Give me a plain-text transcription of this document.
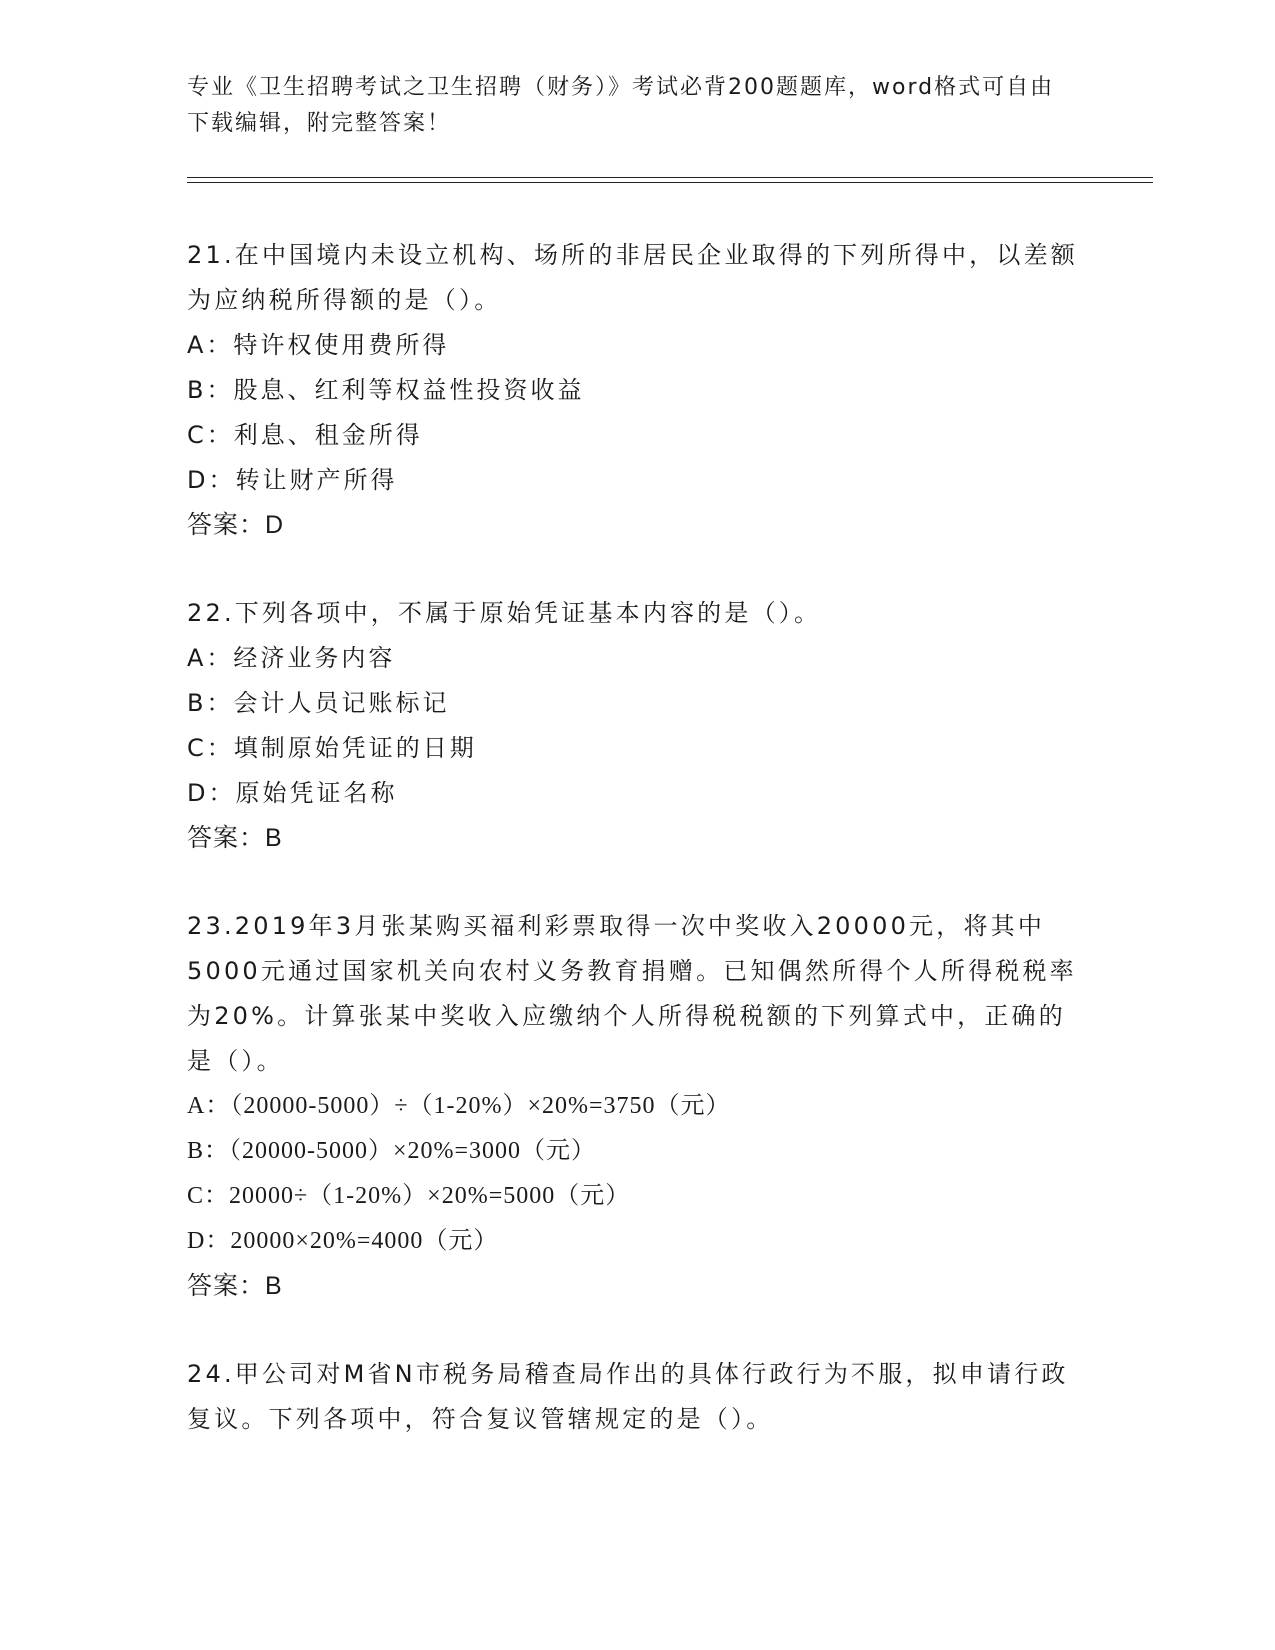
专业《卫生招聘考试之卫生招聘（财务）》考试必背200题题库，word格式可自由下载编辑，附完整答案！

21.在中国境内未设立机构、场所的非居民企业取得的下列所得中，以差额为应纳税所得额的是（）。

A：特许权使用费所得

B：股息、红利等权益性投资收益

C：利息、租金所得

D：转让财产所得

答案：D

22.下列各项中，不属于原始凭证基本内容的是（）。

A：经济业务内容

B：会计人员记账标记

C：填制原始凭证的日期

D：原始凭证名称

答案：B

23.2019年3月张某购买福利彩票取得一次中奖收入20000元，将其中5000元通过国家机关向农村义务教育捐赠。已知偶然所得个人所得税税率为20%。计算张某中奖收入应缴纳个人所得税税额的下列算式中，正确的是（）。

A：（20000-5000）÷（1-20%）×20%=3750（元）

B：（20000-5000）×20%=3000（元）

C：20000÷（1-20%）×20%=5000（元）

D：20000×20%=4000（元）

答案：B

24.甲公司对M省N市税务局稽查局作出的具体行政行为不服，拟申请行政复议。下列各项中，符合复议管辖规定的是（）。
